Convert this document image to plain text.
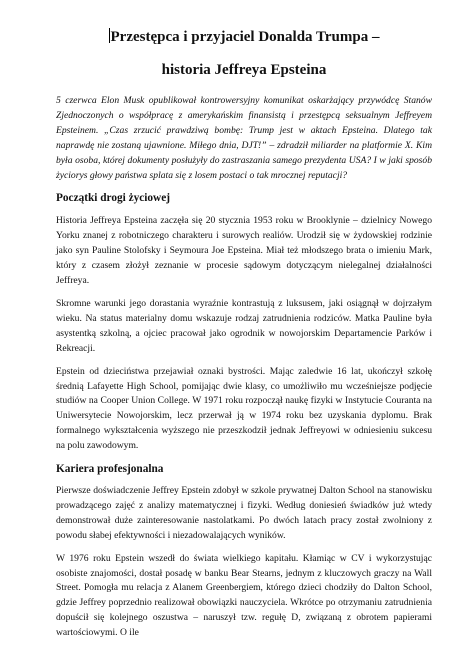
Przestępca i przyjaciel Donalda Trumpa –

historia Jeffreya Epsteina

5 czerwca Elon Musk opublikował kontrowersyjny komunikat oskarżający przywódcę Stanów Zjednoczonych o współpracę z amerykańskim finansistą i przestępcą seksualnym Jeffreyem Epsteinem. „Czas zrzucić prawdziwą bombę: Trump jest w aktach Epsteina. Dlatego tak naprawdę nie zostaną ujawnione. Miłego dnia, DJT!” – zdradził miliarder na platformie X. Kim była osoba, której dokumenty posłużyły do zastraszania samego prezydenta USA? I w jaki sposób życiorys głowy państwa splata się z losem postaci o tak mrocznej reputacji?

Początki drogi życiowej

Historia Jeffreya Epsteina zaczęła się 20 stycznia 1953 roku w Brooklynie – dzielnicy Nowego Yorku znanej z robotniczego charakteru i surowych realiów. Urodził się w żydowskiej rodzinie jako syn Pauline Stolofsky i Seymoura Joe Epsteina. Miał też młodszego brata o imieniu Mark, który z czasem złożył zeznanie w procesie sądowym dotyczącym nielegalnej działalności Jeffreya.

Skromne warunki jego dorastania wyraźnie kontrastują z luksusem, jaki osiągnął w dojrzałym wieku. Na status materialny domu wskazuje rodzaj zatrudnienia rodziców. Matka Pauline była asystentką szkolną, a ojciec pracował jako ogrodnik w nowojorskim Departamencie Parków i Rekreacji.

Epstein od dzieciństwa przejawiał oznaki bystrości. Mając zaledwie 16 lat, ukończył szkołę średnią Lafayette High School, pomijając dwie klasy, co umożliwiło mu wcześniejsze podjęcie studiów na Cooper Union College. W 1971 roku rozpoczął naukę fizyki w Instytucie Couranta na Uniwersytecie Nowojorskim, lecz przerwał ją w 1974 roku bez uzyskania dyplomu. Brak formalnego wykształcenia wyższego nie przeszkodził jednak Jeffreyowi w odniesieniu sukcesu na polu zawodowym.

Kariera profesjonalna

Pierwsze doświadczenie Jeffrey Epstein zdobył w szkole prywatnej Dalton School na stanowisku prowadzącego zajęć z analizy matematycznej i fizyki. Według doniesień świadków już wtedy demonstrował duże zainteresowanie nastolatkami. Po dwóch latach pracy został zwolniony z powodu słabej efektywności i niezadowalających wyników.

W 1976 roku Epstein wszedł do świata wielkiego kapitału. Kłamiąc w CV i wykorzystując osobiste znajomości, dostał posadę w banku Bear Stearns, jednym z kluczowych graczy na Wall Street. Pomogła mu relacja z Alanem Greenbergiem, którego dzieci chodziły do Dalton School, gdzie Jeffrey poprzednio realizował obowiązki nauczyciela. Wkrótce po otrzymaniu zatrudnienia dopuścił się kolejnego oszustwa – naruszył tzw. regułę D, związaną z obrotem papierami wartościowymi. O ile
